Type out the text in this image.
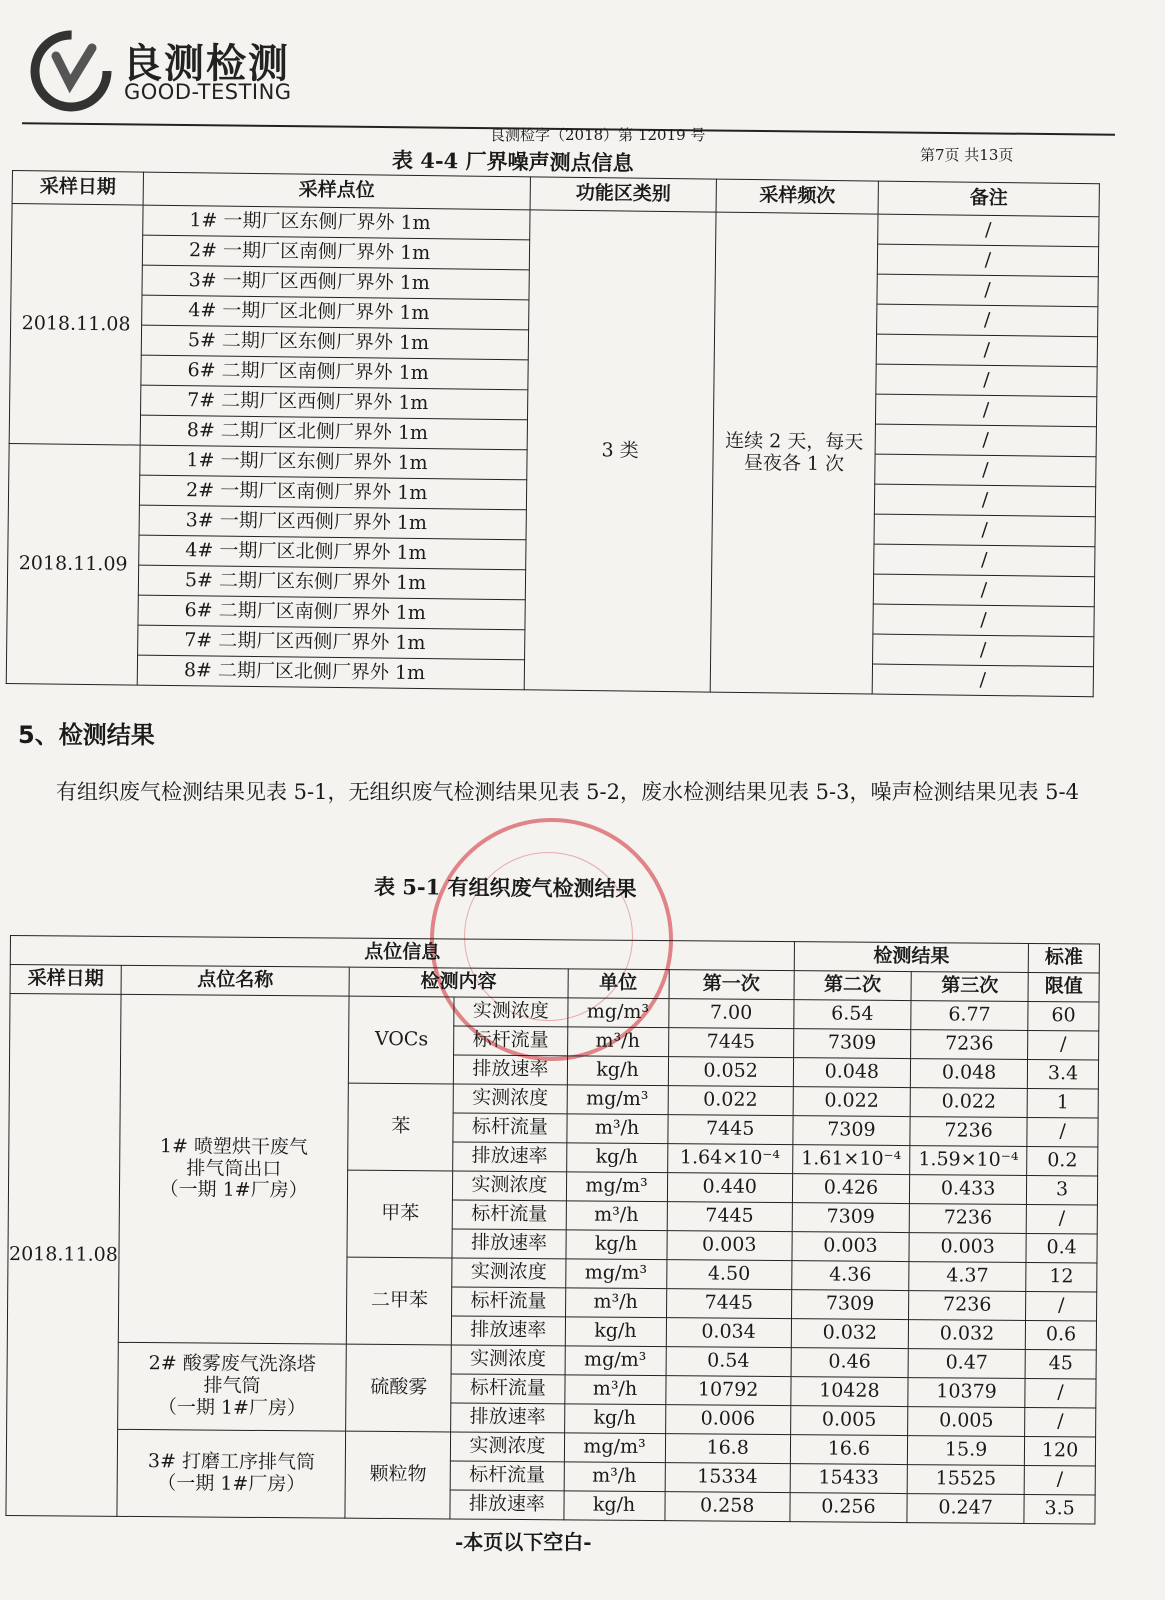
良测检测
GOOD-TESTING
良测检字（2018）第 12019 号
第7页 共13页
表 4-4 厂界噪声测点信息
采样日期	采样点位	功能区类别	采样频次	备注
2018.11.08	1# 一期厂区东侧厂界外 1m	3 类	连续 2 天，每天
昼夜各 1 次	/
	2# 一期厂区南侧厂界外 1m			/
	3# 一期厂区西侧厂界外 1m			/
	4# 一期厂区北侧厂界外 1m			/
	5# 二期厂区东侧厂界外 1m			/
	6# 二期厂区南侧厂界外 1m			/
	7# 二期厂区西侧厂界外 1m			/
	8# 二期厂区北侧厂界外 1m			/
2018.11.09	1# 一期厂区东侧厂界外 1m			/
	2# 一期厂区南侧厂界外 1m			/
	3# 一期厂区西侧厂界外 1m			/
	4# 一期厂区北侧厂界外 1m			/
	5# 二期厂区东侧厂界外 1m			/
	6# 二期厂区南侧厂界外 1m			/
	7# 二期厂区西侧厂界外 1m			/
	8# 二期厂区北侧厂界外 1m			/
5、检测结果
有组织废气检测结果见表 5-1，无组织废气检测结果见表 5-2，废水检测结果见表 5-3，噪声检测结果见表 5-4
表 5-1 有组织废气检测结果
点位信息						检测结果		标准
采样日期	点位名称	检测内容		单位	第一次	第二次	第三次	限值
2018.11.08	1# 喷塑烘干废气
排气筒出口
（一期 1#厂房）	VOCs	实测浓度	mg/m³	7.00	6.54	6.77	60
			标杆流量	m³/h	7445	7309	7236	/
			排放速率	kg/h	0.052	0.048	0.048	3.4
		苯	实测浓度	mg/m³	0.022	0.022	0.022	1
			标杆流量	m³/h	7445	7309	7236	/
			排放速率	kg/h	1.64×10⁻⁴	1.61×10⁻⁴	1.59×10⁻⁴	0.2
		甲苯	实测浓度	mg/m³	0.440	0.426	0.433	3
			标杆流量	m³/h	7445	7309	7236	/
			排放速率	kg/h	0.003	0.003	0.003	0.4
		二甲苯	实测浓度	mg/m³	4.50	4.36	4.37	12
			标杆流量	m³/h	7445	7309	7236	/
			排放速率	kg/h	0.034	0.032	0.032	0.6
	2# 酸雾废气洗涤塔
排气筒
（一期 1#厂房）	硫酸雾	实测浓度	mg/m³	0.54	0.46	0.47	45
			标杆流量	m³/h	10792	10428	10379	/
			排放速率	kg/h	0.006	0.005	0.005	/
	3# 打磨工序排气筒
（一期 1#厂房）	颗粒物	实测浓度	mg/m³	16.8	16.6	15.9	120
			标杆流量	m³/h	15334	15433	15525	/
			排放速率	kg/h	0.258	0.256	0.247	3.5
-本页以下空白-
